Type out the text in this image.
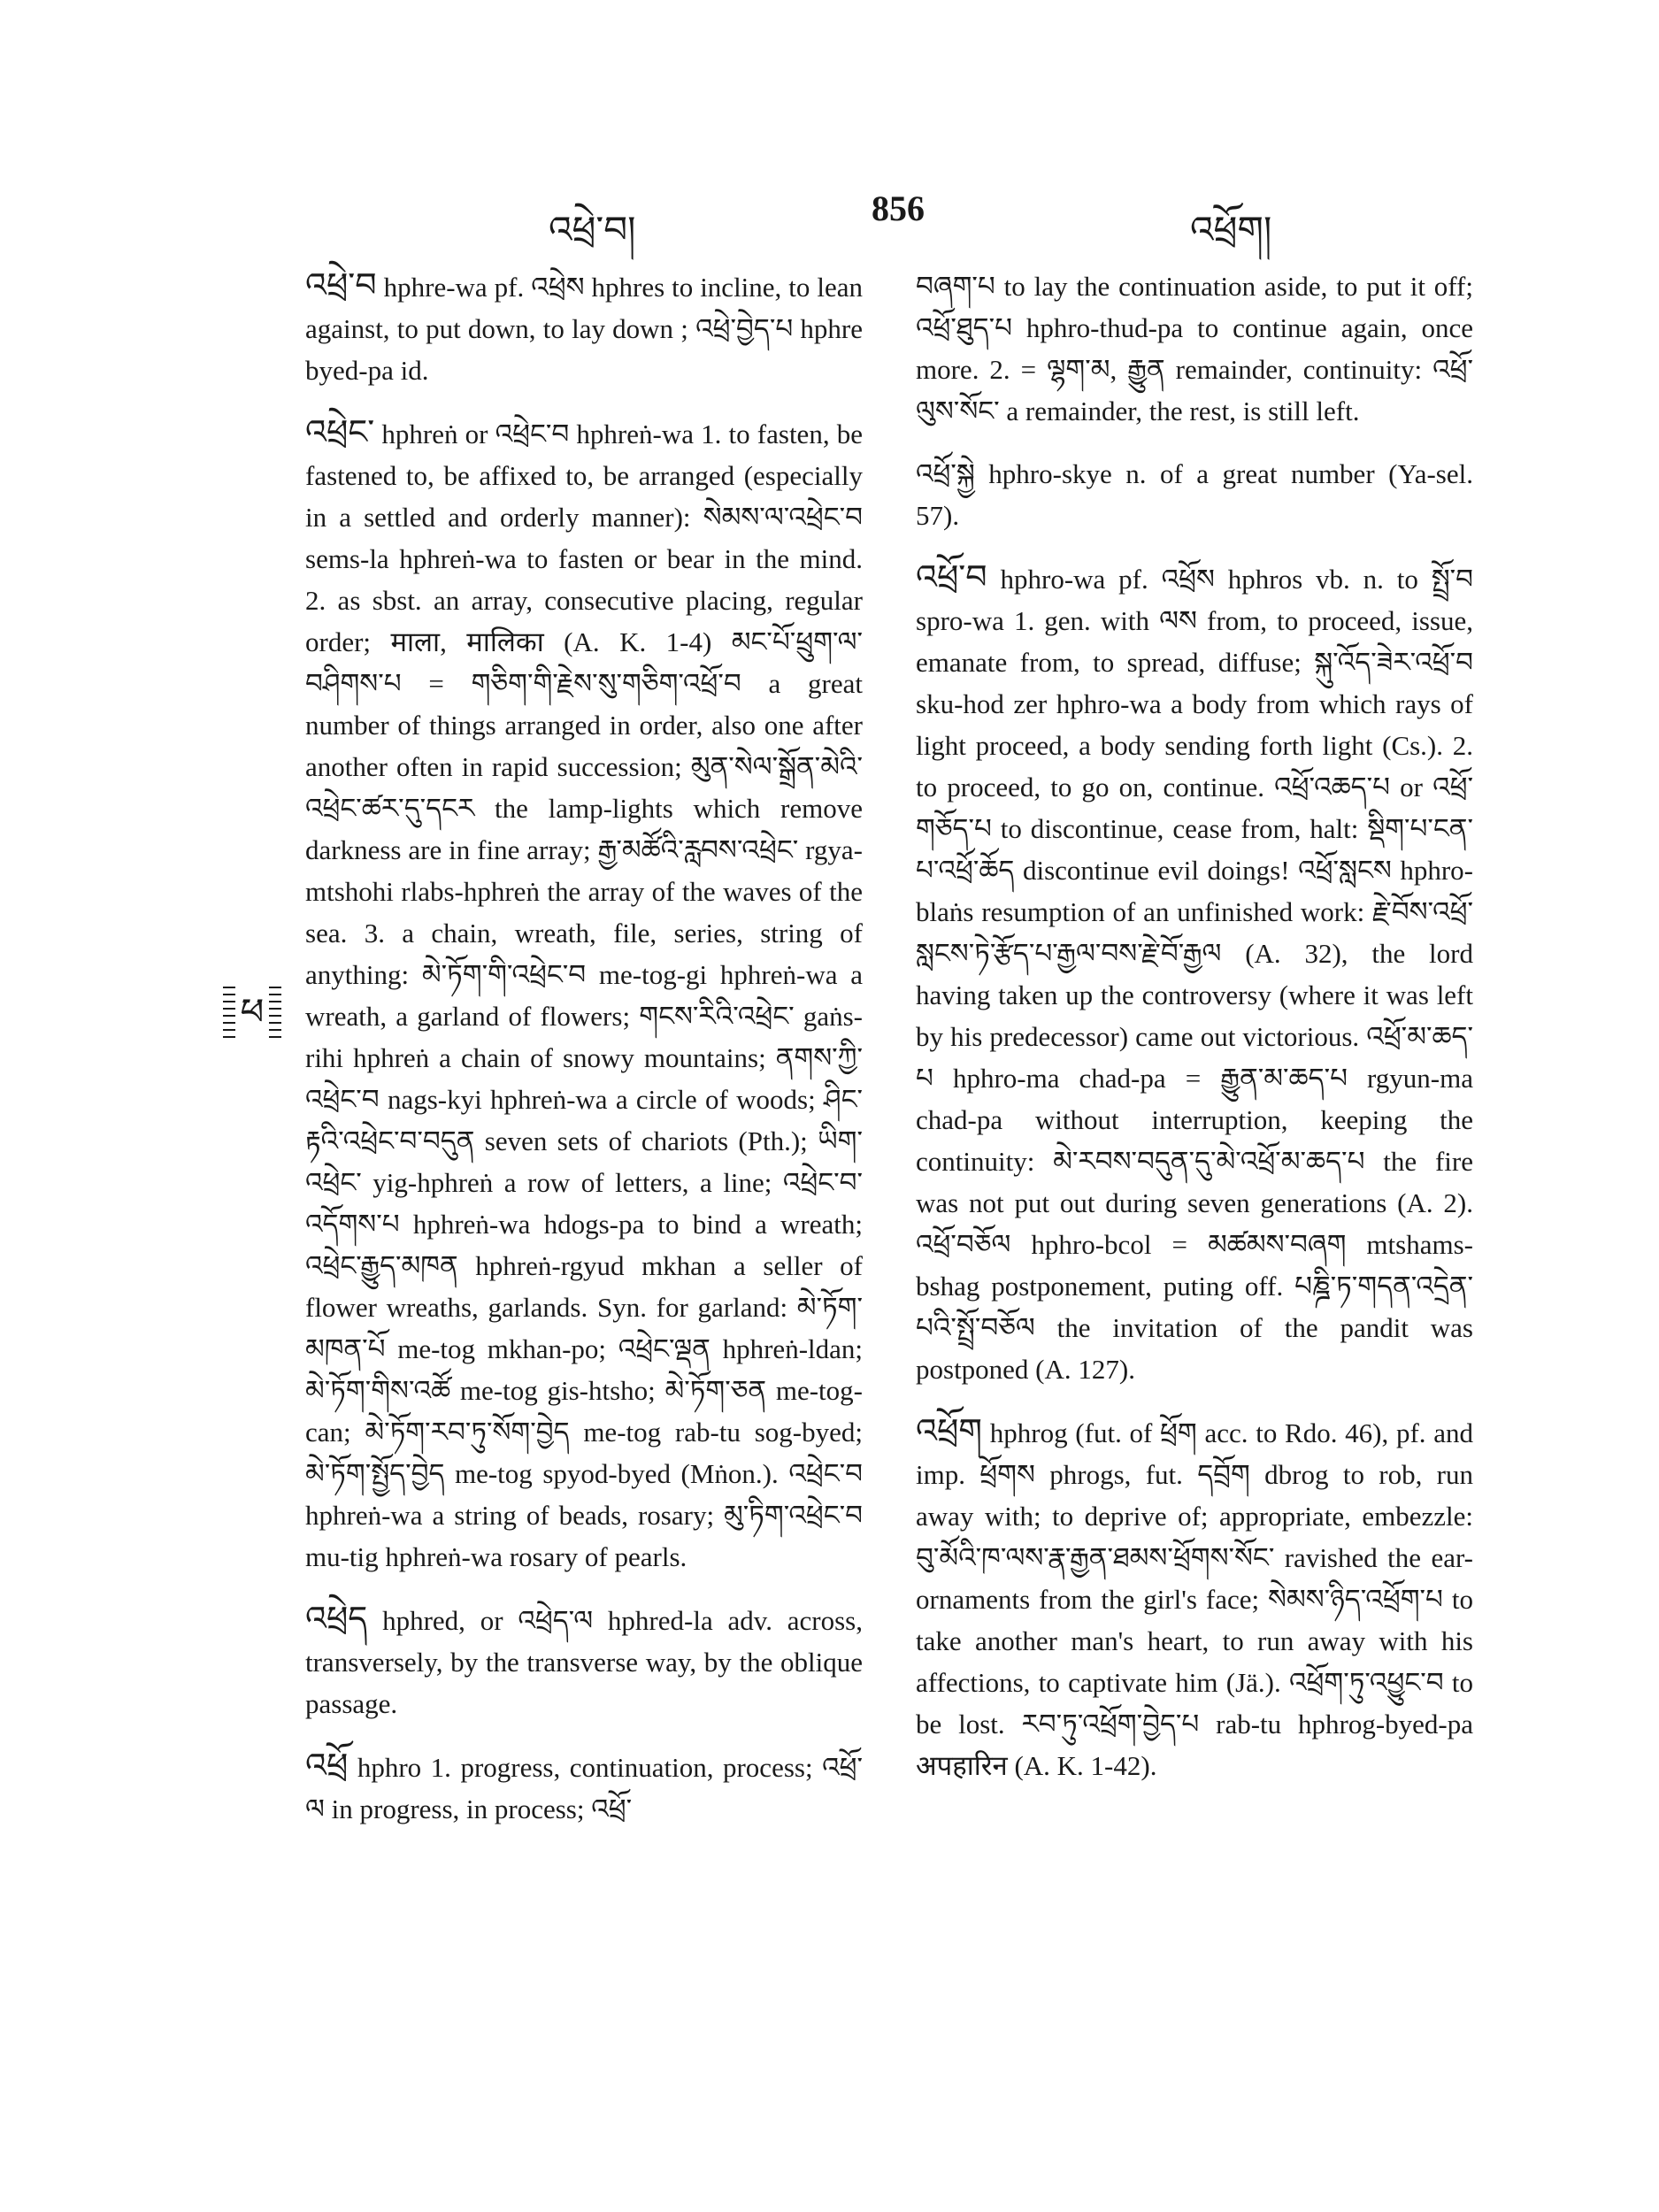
འཕྲེ་བ།
856
འཕྲོག།
ཕ

འཕྲེ་བ hphre-wa pf. འཕྲེས hphres to incline, to lean against, to put down, to lay down ; འཕྲེ་བྱེད་པ hphre byed-pa id.

འཕྲེང་ hphreṅ or འཕྲེང་བ hphreṅ-wa 1. to fasten, be fastened to, be affixed to, be arranged (especially in a settled and orderly manner): སེམས་ལ་འཕྲེང་བ sems-la hphreṅ-wa to fasten or bear in the mind. 2. as sbst. an array, consecutive placing, regular order; माला, मालिका (A. K. 1-4) མང་པོ་ཕྲུག་ལ་བཤིགས་པ = གཅིག་གི་རྗེས་སུ་གཅིག་འཕྲོ་བ a great number of things arranged in order, also one after another often in rapid succession; མུན་སེལ་སྒྲོན་མེའི་འཕྲེང་ཚར་དུ་དངར the lamp-lights which remove darkness are in fine array; རྒྱ་མཚོའི་རླབས་འཕྲེང་ rgya-mtshohi rlabs-hphreṅ the array of the waves of the sea. 3. a chain, wreath, file, series, string of anything: མེ་ཏོག་གི་འཕྲེང་བ me-tog-gi hphreṅ-wa a wreath, a garland of flowers; གངས་རིའི་འཕྲེང་ gaṅs-rihi hphreṅ a chain of snowy mountains; ནགས་ཀྱི་འཕྲེང་བ nags-kyi hphreṅ-wa a circle of woods; ཤིང་རྟའི་འཕྲེང་བ་བདུན seven sets of chariots (Pth.); ཡིག་འཕྲེང་ yig-hphreṅ a row of letters, a line; འཕྲེང་བ་འདོགས་པ hphreṅ-wa hdogs-pa to bind a wreath; འཕྲེང་རྒྱུད་མཁན hphreṅ-rgyud mkhan a seller of flower wreaths, garlands. Syn. for garland: མེ་ཏོག་མཁན་པོ me-tog mkhan-po; འཕྲེང་ལྡན hphreṅ-ldan; མེ་ཏོག་གིས་འཚོ me-tog gis-htsho; མེ་ཏོག་ཅན me-tog-can; མེ་ཏོག་རབ་ཏུ་སོག་བྱེད me-tog rab-tu sog-byed; མེ་ཏོག་སྤྱོད་བྱེད me-tog spyod-byed (Mṅon.). འཕྲེང་བ hphreṅ-wa a string of beads, rosary; མུ་ཏིག་འཕྲེང་བ mu-tig hphreṅ-wa rosary of pearls.

འཕྲེད hphred, or འཕྲེད་ལ hphred-la adv. across, transversely, by the transverse way, by the oblique passage.

འཕྲོ hphro 1. progress, continuation, process; འཕྲོ་ལ in progress, in process; འཕྲོ་

བཞག་པ to lay the continuation aside, to put it off; འཕྲོ་ཐུད་པ hphro-thud-pa to continue again, once more. 2. = ལྷག་མ, རྒྱུན remainder, continuity: འཕྲོ་ལུས་སོང་ a remainder, the rest, is still left.

འཕྲོ་སྐྱེ hphro-skye n. of a great number (Ya-sel. 57).

འཕྲོ་བ hphro-wa pf. འཕྲོས hphros vb. n. to སྤྲོ་བ spro-wa 1. gen. with ལས from, to proceed, issue, emanate from, to spread, diffuse; སྐུ་འོད་ཟེར་འཕྲོ་བ sku-hod zer hphro-wa a body from which rays of light proceed, a body sending forth light (Cs.). 2. to proceed, to go on, continue. འཕྲོ་འཆད་པ or འཕྲོ་གཅོད་པ to discontinue, cease from, halt: སྡིག་པ་ངན་པ་འཕྲོ་ཆོད discontinue evil doings! འཕྲོ་སླངས hphro-blaṅs resumption of an unfinished work: རྗེ་བོས་འཕྲོ་སླངས་ཏེ་རྩོད་པ་རྒྱལ་བས་རྗེ་བོ་རྒྱལ (A. 32), the lord having taken up the controversy (where it was left by his predecessor) came out victorious. འཕྲོ་མ་ཆད་པ hphro-ma chad-pa = རྒྱུན་མ་ཆད་པ rgyun-ma chad-pa without interruption, keeping the continuity: མེ་རབས་བདུན་དུ་མེ་འཕྲོ་མ་ཆད་པ the fire was not put out during seven generations (A. 2). འཕྲོ་བཅོལ hphro-bcol = མཚམས་བཞག mtshams-bshag postponement, puting off. པཎྜི་ཏ་གདན་འདྲེན་པའི་སྤྲོ་བཅོལ the invitation of the pandit was postponed (A. 127).

འཕྲོག hphrog (fut. of ཕྲོག acc. to Rdo. 46), pf. and imp. ཕྲོགས phrogs, fut. དབྲོག dbrog to rob, run away with; to deprive of; appropriate, embezzle: བུ་མོའི་ཁ་ལས་རྣ་རྒྱན་ཐམས་ཕྲོགས་སོང་ ravished the ear-ornaments from the girl's face; སེམས་ཉིད་འཕྲོག་པ to take another man's heart, to run away with his affections, to captivate him (Jä.). འཕྲོག་ཏུ་འཕྱུང་བ to be lost. རབ་ཏུ་འཕྲོག་བྱེད་པ rab-tu hphrog-byed-pa अपहारिन (A. K. 1-42).
